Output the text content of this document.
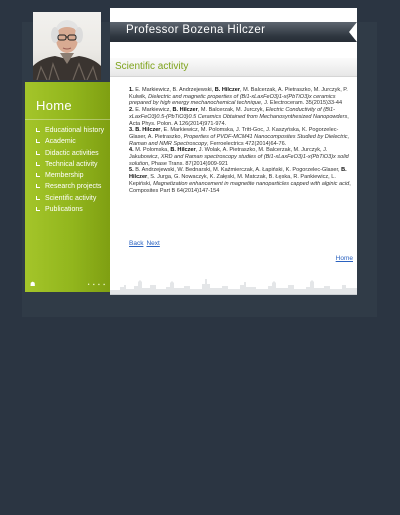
Home
Educational history
Academic
Didactic activities
Technical activity
Membership
Research projects
Scientific activity
Publications
☗	• ▪ ▪ ▪
Professor Bozena Hilczer
Scientific activity

1. E. Markiewicz, B. Andrzejewski, B. Hilczer, M. Balcerzak, A. Pietraszko, M. Jurczyk, P. Kulwik, Dielectric and magnetic properties of (Bi1-xLaxFeO3)1-x(PbTiO3)x ceramics prepared by high energy mechanochemical technique, J. Electroceram. 35(2015)33-44

2. E. Markiewicz, B. Hilczer, M. Balcerzak, M. Jurczyk, Electric Conductivity of (Bi1-xLaxFeO3)0.5-(PbTiO3)0.5 Ceramics Obtained from Mechanosynthesized Nanopowders, Acta Phys. Polon. A 126(2014)971-974.

3. B. Hilczer, E. Markiewicz, M. Polomska, J. Tritt-Goc, J. Kaszyńska, K. Pogorzelec-Glaser, A. Pietraszko, Properties of PVDF-MCM41 Nanocomposites Studied by Dielectric, Raman and NMR Spectroscopy, Ferroelectrics 472(2014)64-76.

4. M. Polomska, B. Hilczer, J. Wolak, A. Pietraszko, M. Balcerzak, M. Jurczyk, J. Jakubowicz, XRD and Raman spectroscopy studies of (Bi1-xLaxFeO3)1-x(PbTiO3)x solid solution, Phase Trans. 87(2014)909-921

5. B. Andrzejewski, W. Bednarski, M. Kaźmierczak, A. Łapiński, K. Pogorzelec-Glaser, B. Hilczer, S. Jurga, G. Nowaczyk, K. Załęski, M. Matczak, B. Łęska, R. Pankiewicz, L. Kepiński, Magnetization enhancement in magnetite nanoparticles capped with alginic acid, Composites Part B 64(2014)147-154

Back Next
Home
